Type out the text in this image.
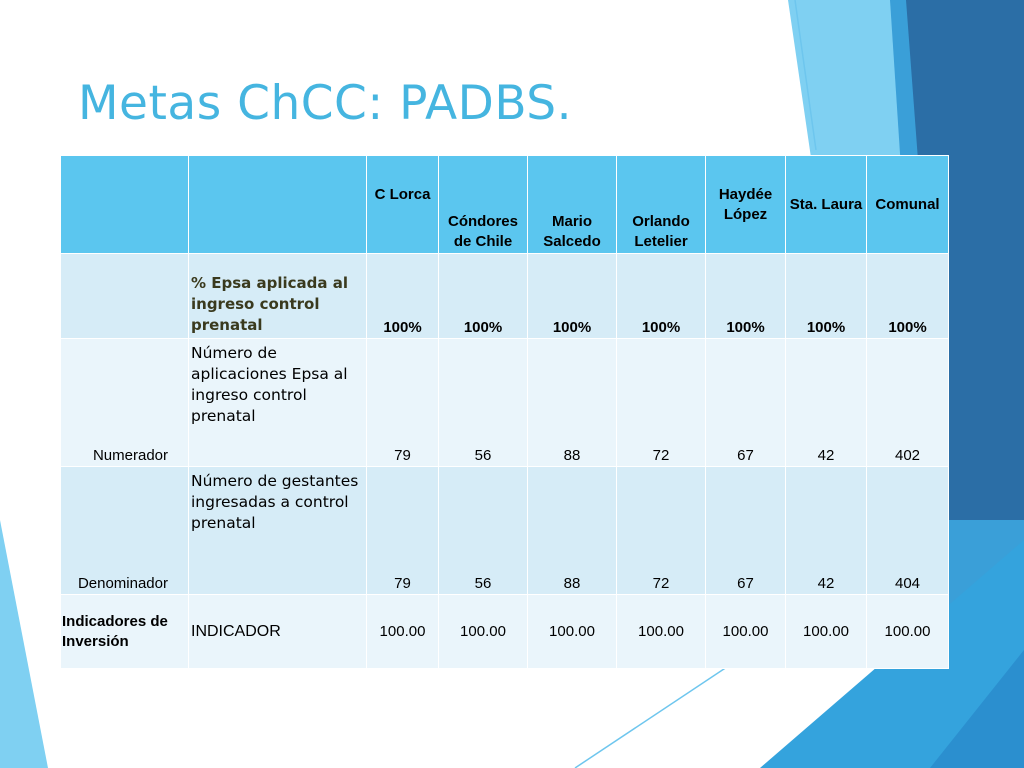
Metas ChCC: PADBS.
		C Lorca	Cóndores de Chile	Mario Salcedo	Orlando Letelier	Haydée López	Sta. Laura	Comunal
	% Epsa aplicada al ingreso control prenatal	100%	100%	100%	100%	100%	100%	100%
Numerador	Número de aplicaciones Epsa al ingreso control prenatal	79	56	88	72	67	42	402
Denominador	Número de gestantes ingresadas a control prenatal	79	56	88	72	67	42	404
Indicadores de Inversión	INDICADOR	100.00	100.00	100.00	100.00	100.00	100.00	100.00
